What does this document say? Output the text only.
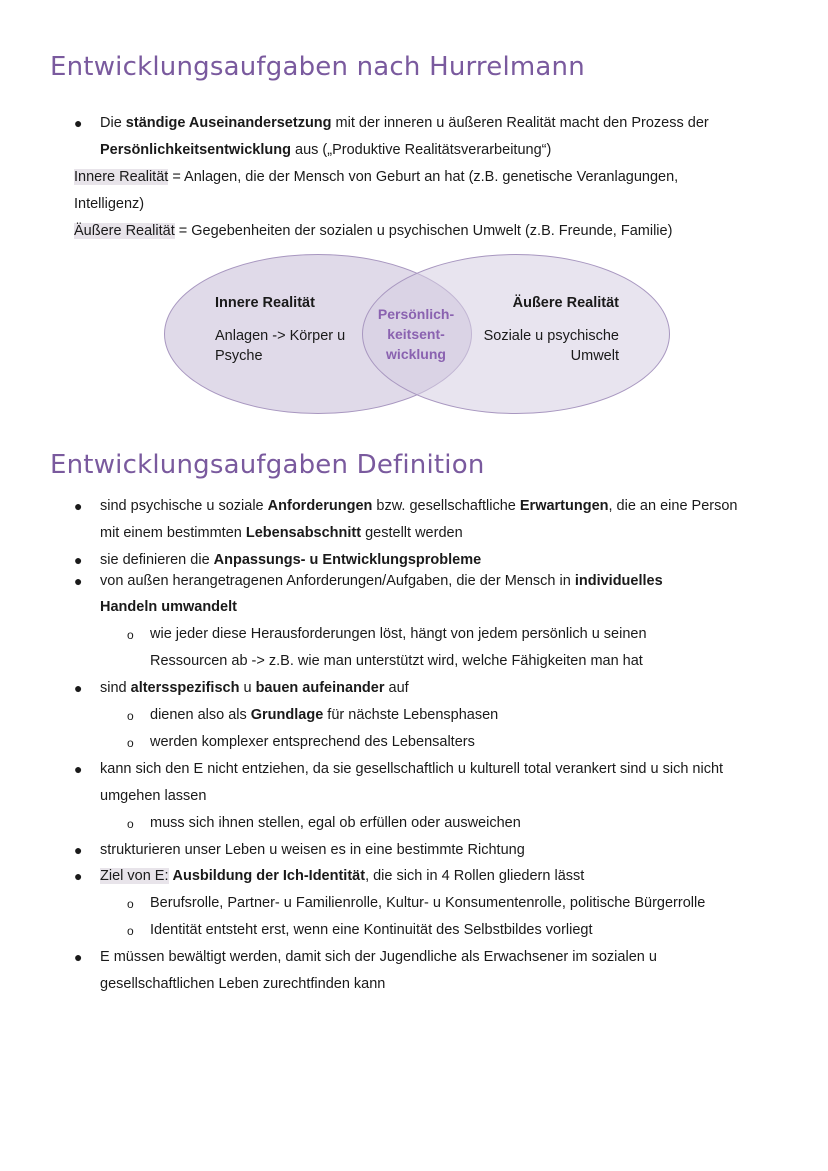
Entwicklungsaufgaben nach Hurrelmann
● Die ständige Auseinandersetzung mit der inneren u äußeren Realität macht den Prozess der
Persönlichkeitsentwicklung aus („Produktive Realitätsverarbeitung“)
Innere Realität = Anlagen, die der Mensch von Geburt an hat (z.B. genetische Veranlagungen,
Intelligenz)
Äußere Realität = Gegebenheiten der sozialen u psychischen Umwelt (z.B. Freunde, Familie)
Innere Realität
Anlagen -> Körper u
Psyche
Äußere Realität
Soziale u psychische
Umwelt
Persönlich-
keitsent-
wicklung
Entwicklungsaufgaben Definition
● sind psychische u soziale Anforderungen bzw. gesellschaftliche Erwartungen, die an eine Person
mit einem bestimmten Lebensabschnitt gestellt werden
● sie definieren die Anpassungs- u Entwicklungsprobleme
● von außen herangetragenen Anforderungen/Aufgaben, die der Mensch in individuelles
Handeln umwandelt
o wie jeder diese Herausforderungen löst, hängt von jedem persönlich u seinen
Ressourcen ab -> z.B. wie man unterstützt wird, welche Fähigkeiten man hat
● sind altersspezifisch u bauen aufeinander auf
o dienen also als Grundlage für nächste Lebensphasen
o werden komplexer entsprechend des Lebensalters
● kann sich den E nicht entziehen, da sie gesellschaftlich u kulturell total verankert sind u sich nicht
umgehen lassen
o muss sich ihnen stellen, egal ob erfüllen oder ausweichen
● strukturieren unser Leben u weisen es in eine bestimmte Richtung
● Ziel von E: Ausbildung der Ich-Identität, die sich in 4 Rollen gliedern lässt
o Berufsrolle, Partner- u Familienrolle, Kultur- u Konsumentenrolle, politische Bürgerrolle
o Identität entsteht erst, wenn eine Kontinuität des Selbstbildes vorliegt
● E müssen bewältigt werden, damit sich der Jugendliche als Erwachsener im sozialen u
gesellschaftlichen Leben zurechtfinden kann
